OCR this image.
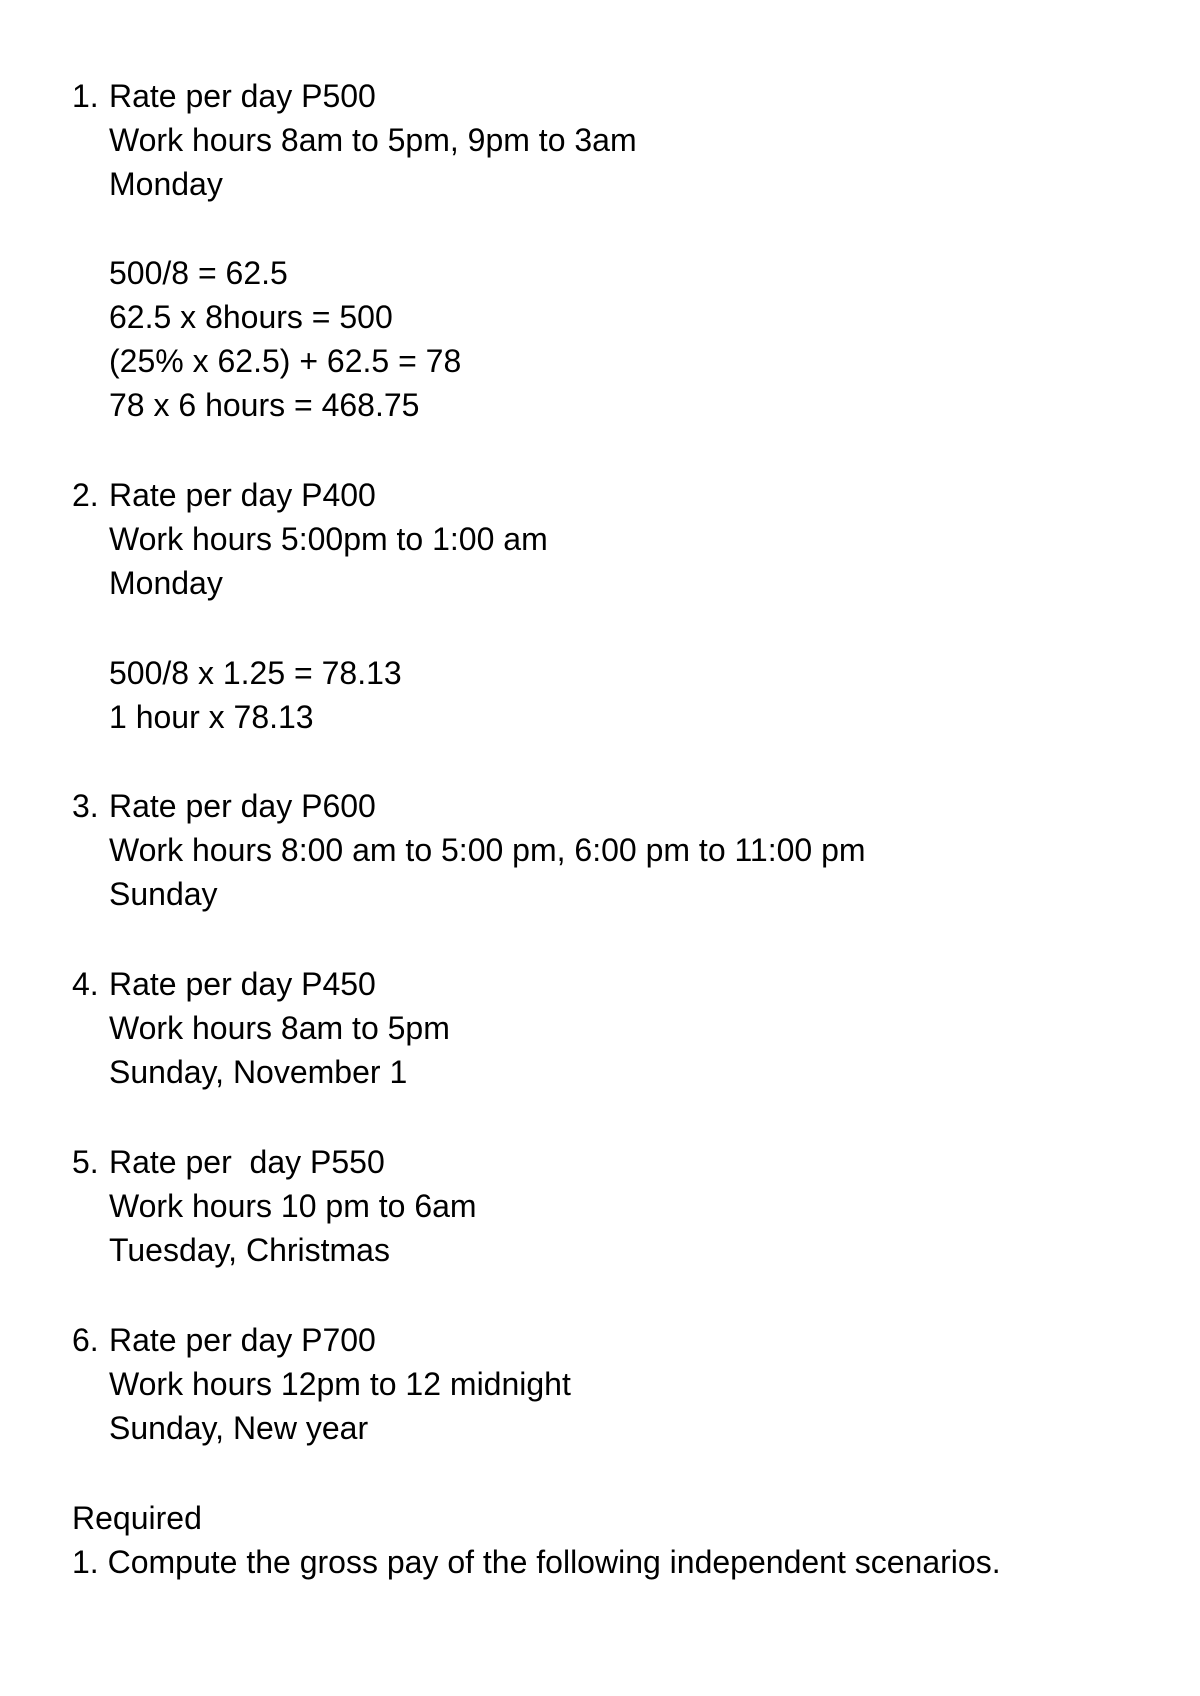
1. Rate per day P500

Work hours 8am to 5pm, 9pm to 3am

Monday

500/8 = 62.5

62.5 x 8hours = 500

(25% x 62.5) + 62.5 = 78

78 x 6 hours = 468.75

2. Rate per day P400

Work hours 5:00pm to 1:00 am

Monday

500/8 x 1.25 = 78.13

1 hour x 78.13

3. Rate per day P600

Work hours 8:00 am to 5:00 pm, 6:00 pm to 11:00 pm

Sunday

4. Rate per day P450

Work hours 8am to 5pm

Sunday, November 1

5. Rate per  day P550

Work hours 10 pm to 6am

Tuesday, Christmas

6. Rate per day P700

Work hours 12pm to 12 midnight

Sunday, New year

Required

1. Compute the gross pay of the following independent scenarios.
